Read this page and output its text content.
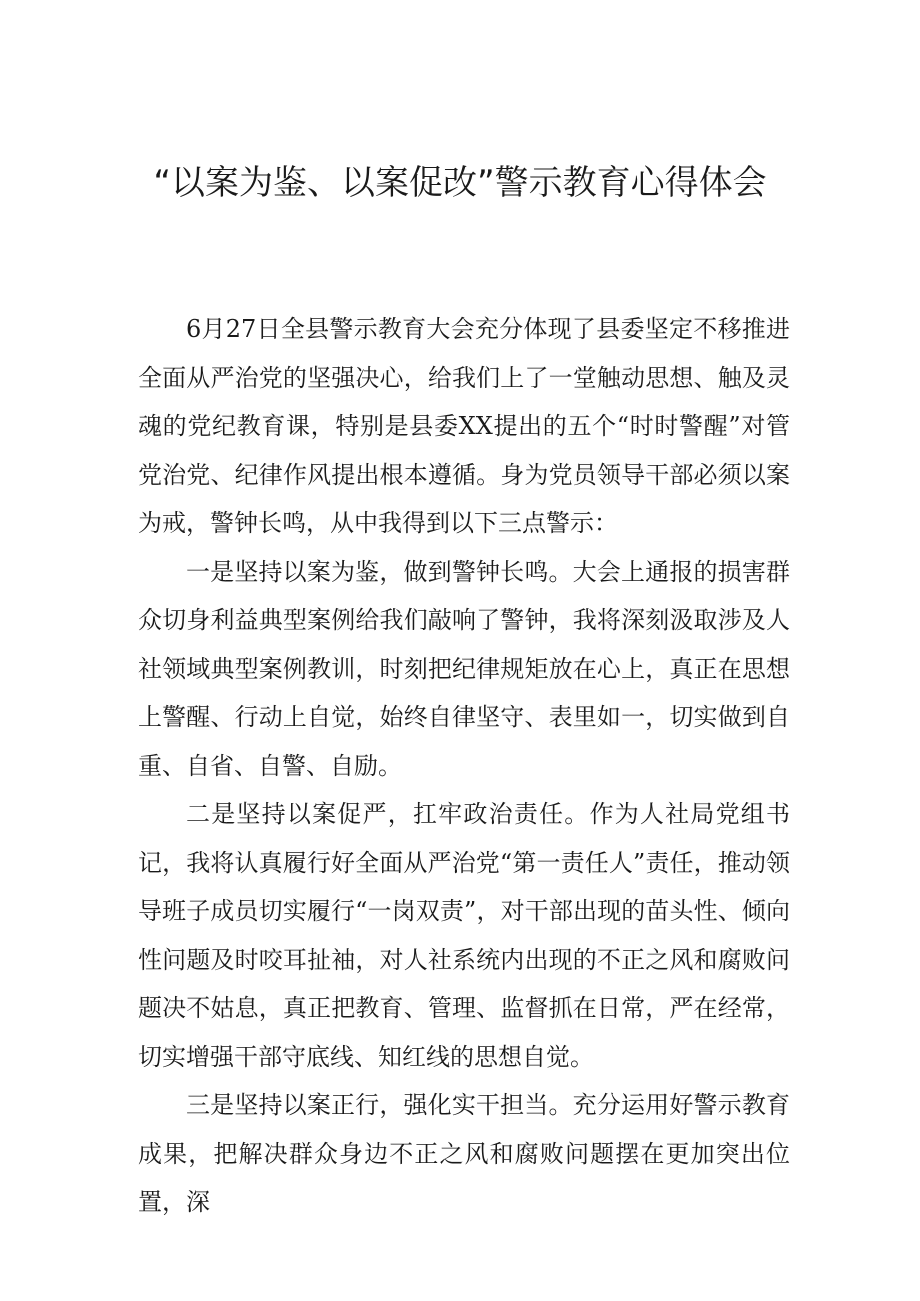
“以案为鉴、以案促改”警示教育心得体会

6月27日全县警示教育大会充分体现了县委坚定不移推进全面从严治党的坚强决心，给我们上了一堂触动思想、触及灵魂的党纪教育课，特别是县委XX提出的五个“时时警醒”对管党治党、纪律作风提出根本遵循。身为党员领导干部必须以案为戒，警钟长鸣，从中我得到以下三点警示：

一是坚持以案为鉴，做到警钟长鸣。大会上通报的损害群众切身利益典型案例给我们敲响了警钟，我将深刻汲取涉及人社领域典型案例教训，时刻把纪律规矩放在心上，真正在思想上警醒、行动上自觉，始终自律坚守、表里如一，切实做到自重、自省、自警、自励。

二是坚持以案促严，扛牢政治责任。作为人社局党组书记，我将认真履行好全面从严治党“第一责任人”责任，推动领导班子成员切实履行“一岗双责”，对干部出现的苗头性、倾向性问题及时咬耳扯袖，对人社系统内出现的不正之风和腐败问题决不姑息，真正把教育、管理、监督抓在日常，严在经常，切实增强干部守底线、知红线的思想自觉。

三是坚持以案正行，强化实干担当。充分运用好警示教育成果，把解决群众身边不正之风和腐败问题摆在更加突出位置，深
